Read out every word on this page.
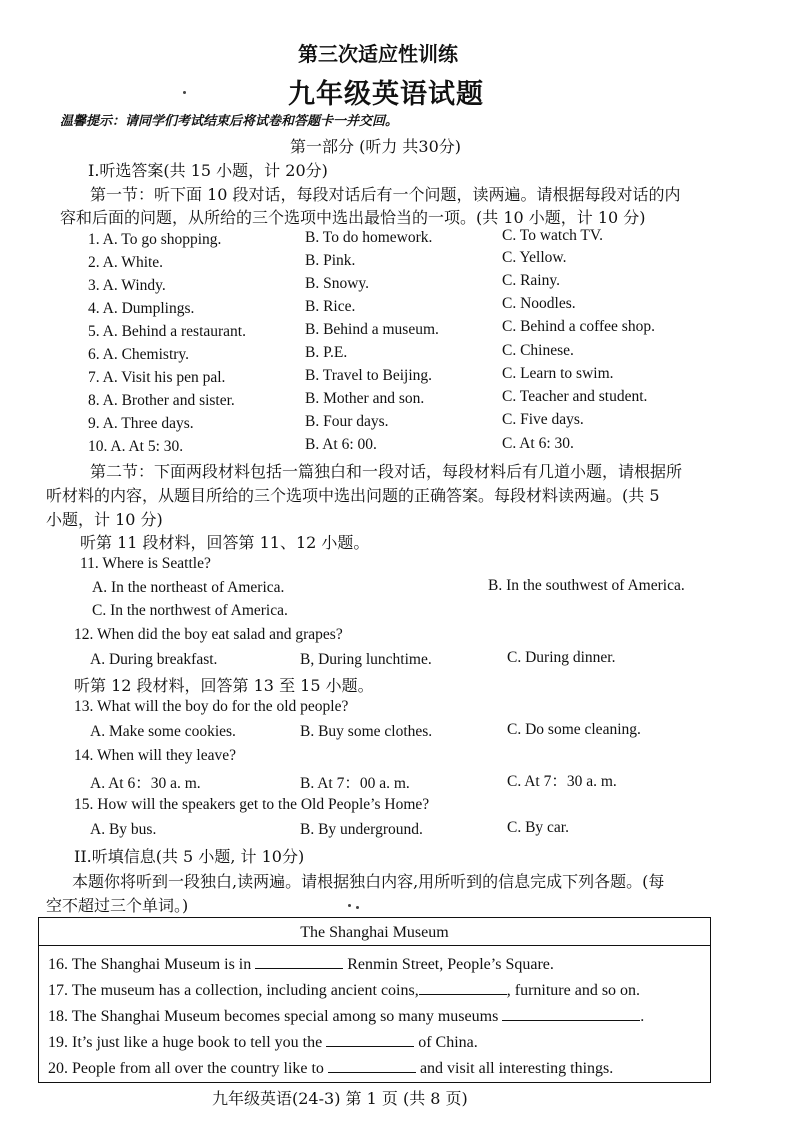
第三次适应性训练
九年级英语试题
温馨提示：请同学们考试结束后将试卷和答题卡一并交回。
第一部分 (听力 共30分)
I.听选答案(共 15 小题，计 20分)
第一节：听下面 10 段对话，每段对话后有一个问题，读两遍。请根据每段对话的内
容和后面的问题，从所给的三个选项中选出最恰当的一项。(共 10 小题，计 10 分)
1. A. To go shopping.	B. To do homework.	C. To watch TV.
2. A. White.	B. Pink.	C. Yellow.
3. A. Windy.	B. Snowy.	C. Rainy.
4. A. Dumplings.	B. Rice.	C. Noodles.
5. A. Behind a restaurant.	B. Behind a museum.	C. Behind a coffee shop.
6. A. Chemistry.	B. P.E.	C. Chinese.
7. A. Visit his pen pal.	B. Travel to Beijing.	C. Learn to swim.
8. A. Brother and sister.	B. Mother and son.	C. Teacher and student.
9. A. Three days.	B. Four days.	C. Five days.
10. A. At 5: 30.	B. At 6: 00.	C. At 6: 30.
第二节：下面两段材料包括一篇独白和一段对话，每段材料后有几道小题，请根据所
听材料的内容，从题目所给的三个选项中选出问题的正确答案。每段材料读两遍。(共 5
小题，计 10 分)
听第 11 段材料，回答第 11、12 小题。
11. Where is Seattle?
A. In the northeast of America.	B. In the southwest of America.
C. In the northwest of America.
12. When did the boy eat salad and grapes?
A. During breakfast.	B, During lunchtime.	C. During dinner.
听第 12 段材料，回答第 13 至 15 小题。
13. What will the boy do for the old people?
A. Make some cookies.	B. Buy some clothes.	C. Do some cleaning.
14. When will they leave?
A. At 6：30 a. m.	B. At 7：00 a. m.	C. At 7：30 a. m.
15. How will the speakers get to the Old People’s Home?
A. By bus.	B. By underground.	C. By car.
II.听填信息(共 5 小题, 计 10分)
本题你将听到一段独白,读两遍。请根据独白内容,用所听到的信息完成下列各题。(每
空不超过三个单词。)
The Shanghai Museum
16. The Shanghai Museum is in	Renmin Street, People’s Square.
17. The museum has a collection, including ancient coins,	, furniture and so on.
18. The Shanghai Museum becomes special among so many museums	.
19. It’s just like a huge book to tell you the	of China.
20. People from all over the country like to	and visit all interesting things.
九年级英语(24-3) 第 1 页 (共 8 页)
